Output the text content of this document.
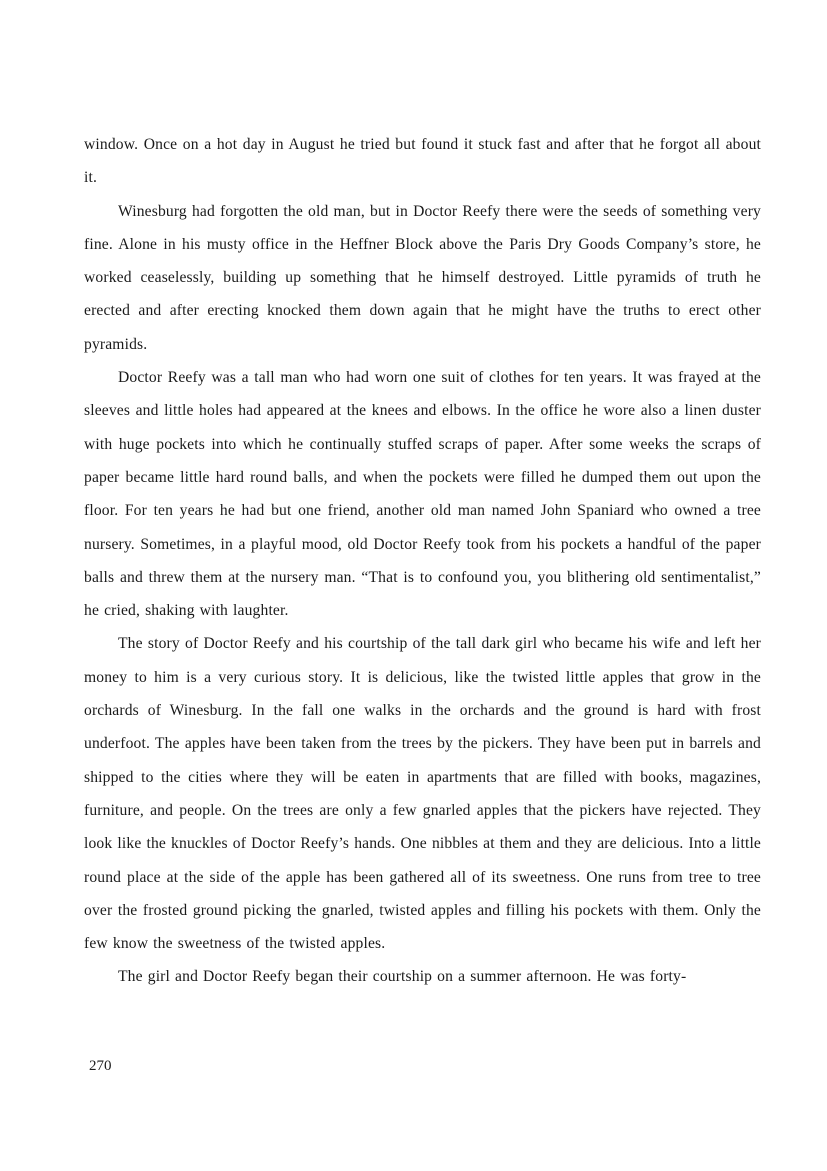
window. Once on a hot day in August he tried but found it stuck fast and after that he forgot all about it.

Winesburg had forgotten the old man, but in Doctor Reefy there were the seeds of something very fine. Alone in his musty office in the Heffner Block above the Paris Dry Goods Company’s store, he worked ceaselessly, building up something that he himself destroyed. Little pyramids of truth he erected and after erecting knocked them down again that he might have the truths to erect other pyramids.

Doctor Reefy was a tall man who had worn one suit of clothes for ten years. It was frayed at the sleeves and little holes had appeared at the knees and elbows. In the office he wore also a linen duster with huge pockets into which he continually stuffed scraps of paper. After some weeks the scraps of paper became little hard round balls, and when the pockets were filled he dumped them out upon the floor. For ten years he had but one friend, another old man named John Spaniard who owned a tree nursery. Sometimes, in a playful mood, old Doctor Reefy took from his pockets a handful of the paper balls and threw them at the nursery man. “That is to confound you, you blithering old sentimentalist,” he cried, shaking with laughter.

The story of Doctor Reefy and his courtship of the tall dark girl who became his wife and left her money to him is a very curious story. It is delicious, like the twisted little apples that grow in the orchards of Winesburg. In the fall one walks in the orchards and the ground is hard with frost underfoot. The apples have been taken from the trees by the pickers. They have been put in barrels and shipped to the cities where they will be eaten in apartments that are filled with books, magazines, furniture, and people. On the trees are only a few gnarled apples that the pickers have rejected. They look like the knuckles of Doctor Reefy’s hands. One nibbles at them and they are delicious. Into a little round place at the side of the apple has been gathered all of its sweetness. One runs from tree to tree over the frosted ground picking the gnarled, twisted apples and filling his pockets with them. Only the few know the sweetness of the twisted apples.

The girl and Doctor Reefy began their courtship on a summer afternoon. He was forty-

270
